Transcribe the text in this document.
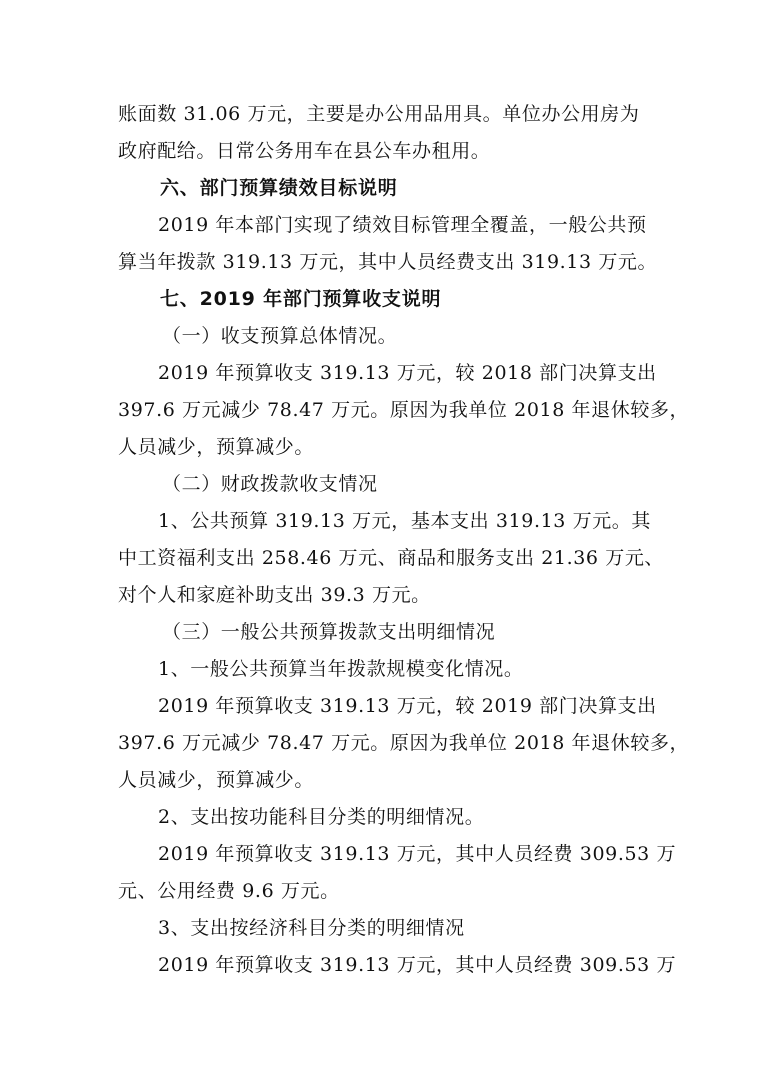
账面数 31.06 万元，主要是办公用品用具。单位办公用房为
政府配给。日常公务用车在县公车办租用。
六、部门预算绩效目标说明
2019 年本部门实现了绩效目标管理全覆盖，一般公共预
算当年拨款 319.13 万元，其中人员经费支出 319.13 万元。
七、2019 年部门预算收支说明
（一）收支预算总体情况。
2019 年预算收支 319.13 万元，较 2018 部门决算支出
397.6 万元减少 78.47 万元。原因为我单位 2018 年退休较多，
人员减少，预算减少。
（二）财政拨款收支情况
1、公共预算 319.13 万元，基本支出 319.13 万元。其
中工资福利支出 258.46 万元、商品和服务支出 21.36 万元、
对个人和家庭补助支出 39.3 万元。
（三）一般公共预算拨款支出明细情况
1、一般公共预算当年拨款规模变化情况。
2019 年预算收支 319.13 万元，较 2019 部门决算支出
397.6 万元减少 78.47 万元。原因为我单位 2018 年退休较多，
人员减少，预算减少。
2、支出按功能科目分类的明细情况。
2019 年预算收支 319.13 万元，其中人员经费 309.53 万
元、公用经费 9.6 万元。
3、支出按经济科目分类的明细情况
2019 年预算收支 319.13 万元，其中人员经费 309.53 万
